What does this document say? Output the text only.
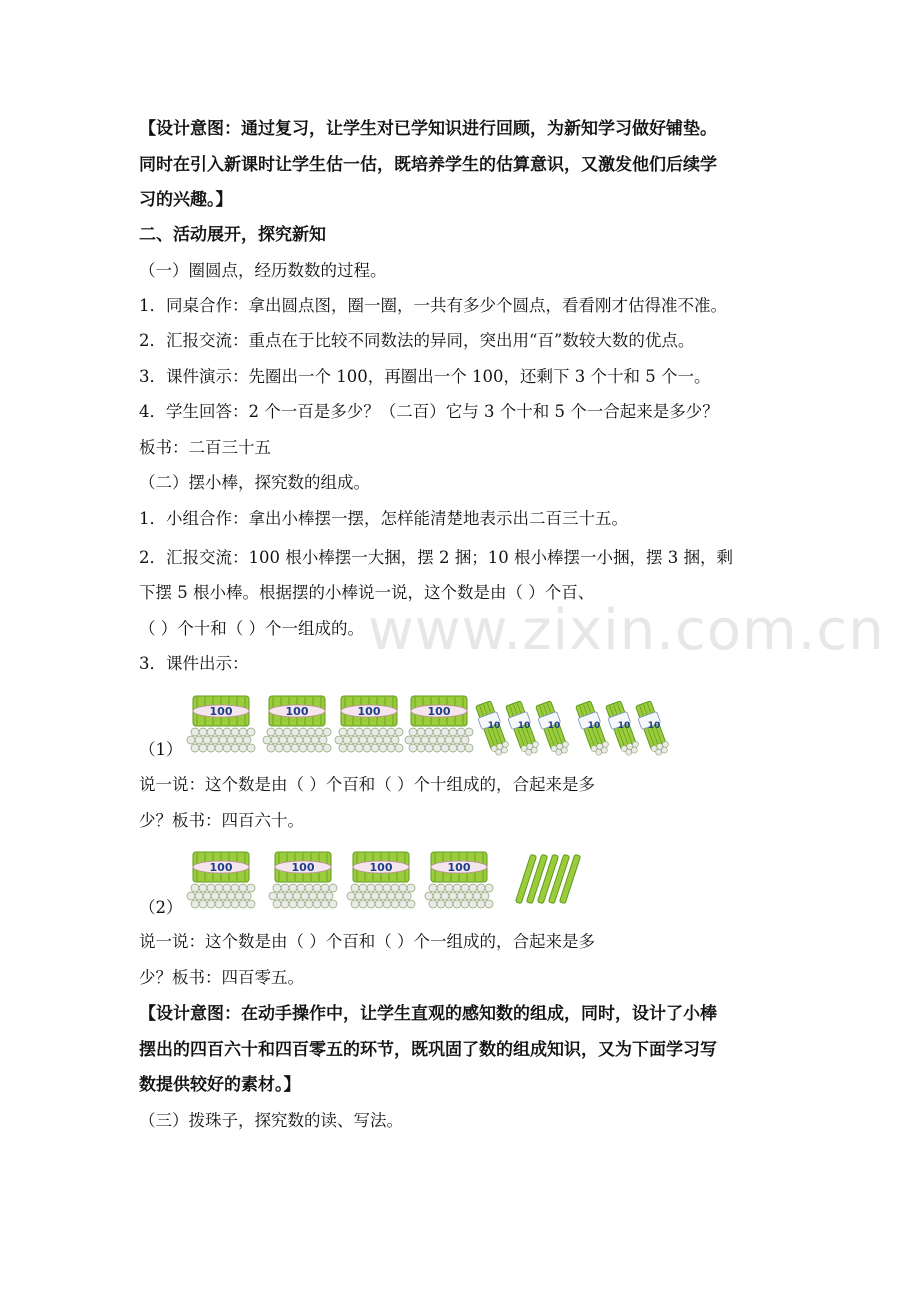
【设计意图：通过复习，让学生对已学知识进行回顾，为新知学习做好铺垫。
同时在引入新课时让学生估一估，既培养学生的估算意识，又激发他们后续学
习的兴趣。】
二、活动展开，探究新知
（一）圈圆点，经历数数的过程。
1．同桌合作：拿出圆点图，圈一圈，一共有多少个圆点，看看刚才估得准不准。
2．汇报交流：重点在于比较不同数法的异同，突出用“百”数较大数的优点。
3．课件演示：先圈出一个 100，再圈出一个 100，还剩下 3 个十和 5 个一。
4．学生回答：2 个一百是多少？（二百）它与 3 个十和 5 个一合起来是多少？
板书：二百三十五
（二）摆小棒，探究数的组成。
1．小组合作：拿出小棒摆一摆，怎样能清楚地表示出二百三十五。
2．汇报交流：100 根小棒摆一大捆，摆 2 捆；10 根小棒摆一小捆，摆 3 捆，剩
下摆 5 根小棒。根据摆的小棒说一说，这个数是由（ ）个百、
（ ）个十和（ ）个一组成的。
3．课件出示：
100	100	100	100
10 10 10	10 10 10
（1）
说一说：这个数是由（ ）个百和（ ）个十组成的，合起来是多
少？板书：四百六十。
100	100	100	100
（2）
说一说：这个数是由（ ）个百和（ ）个一组成的，合起来是多
少？板书：四百零五。
【设计意图：在动手操作中，让学生直观的感知数的组成，同时，设计了小棒
摆出的四百六十和四百零五的环节，既巩固了数的组成知识，又为下面学习写
数提供较好的素材。】
（三）拨珠子，探究数的读、写法。
www.zixin.com.cn
